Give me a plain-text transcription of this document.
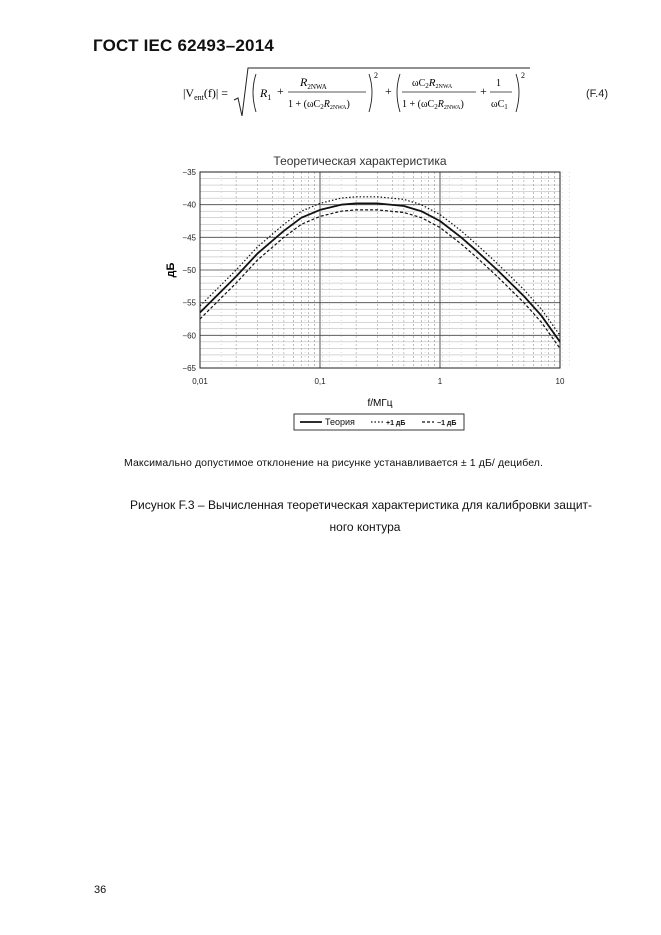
ГОСТ IEC 62493–2014
$|V_{ent}(f)|$ =	$R_1$ +
$R_{2NWA}$
$1 + (\omega C_2R_{2NWA})$
2
+
$\omega C_2R_{2NWA}$
$1 + (\omega C_2R_{2NWA})$
+
1
$\omega C_1$
2
(F.4)
Теоретическая характеристика
−35
−40
−45
−50
−55
−60
−65
0,01	0,1	1	10
дБ
f/МГц
Теория	+1 дБ	−1 дБ
Максимально допустимое отклонение на рисунке устанавливается ± 1 дБ/ децибел.
Рисунок F.3 – Вычисленная теоретическая характеристика для калибровки защит-
ного контура
36
